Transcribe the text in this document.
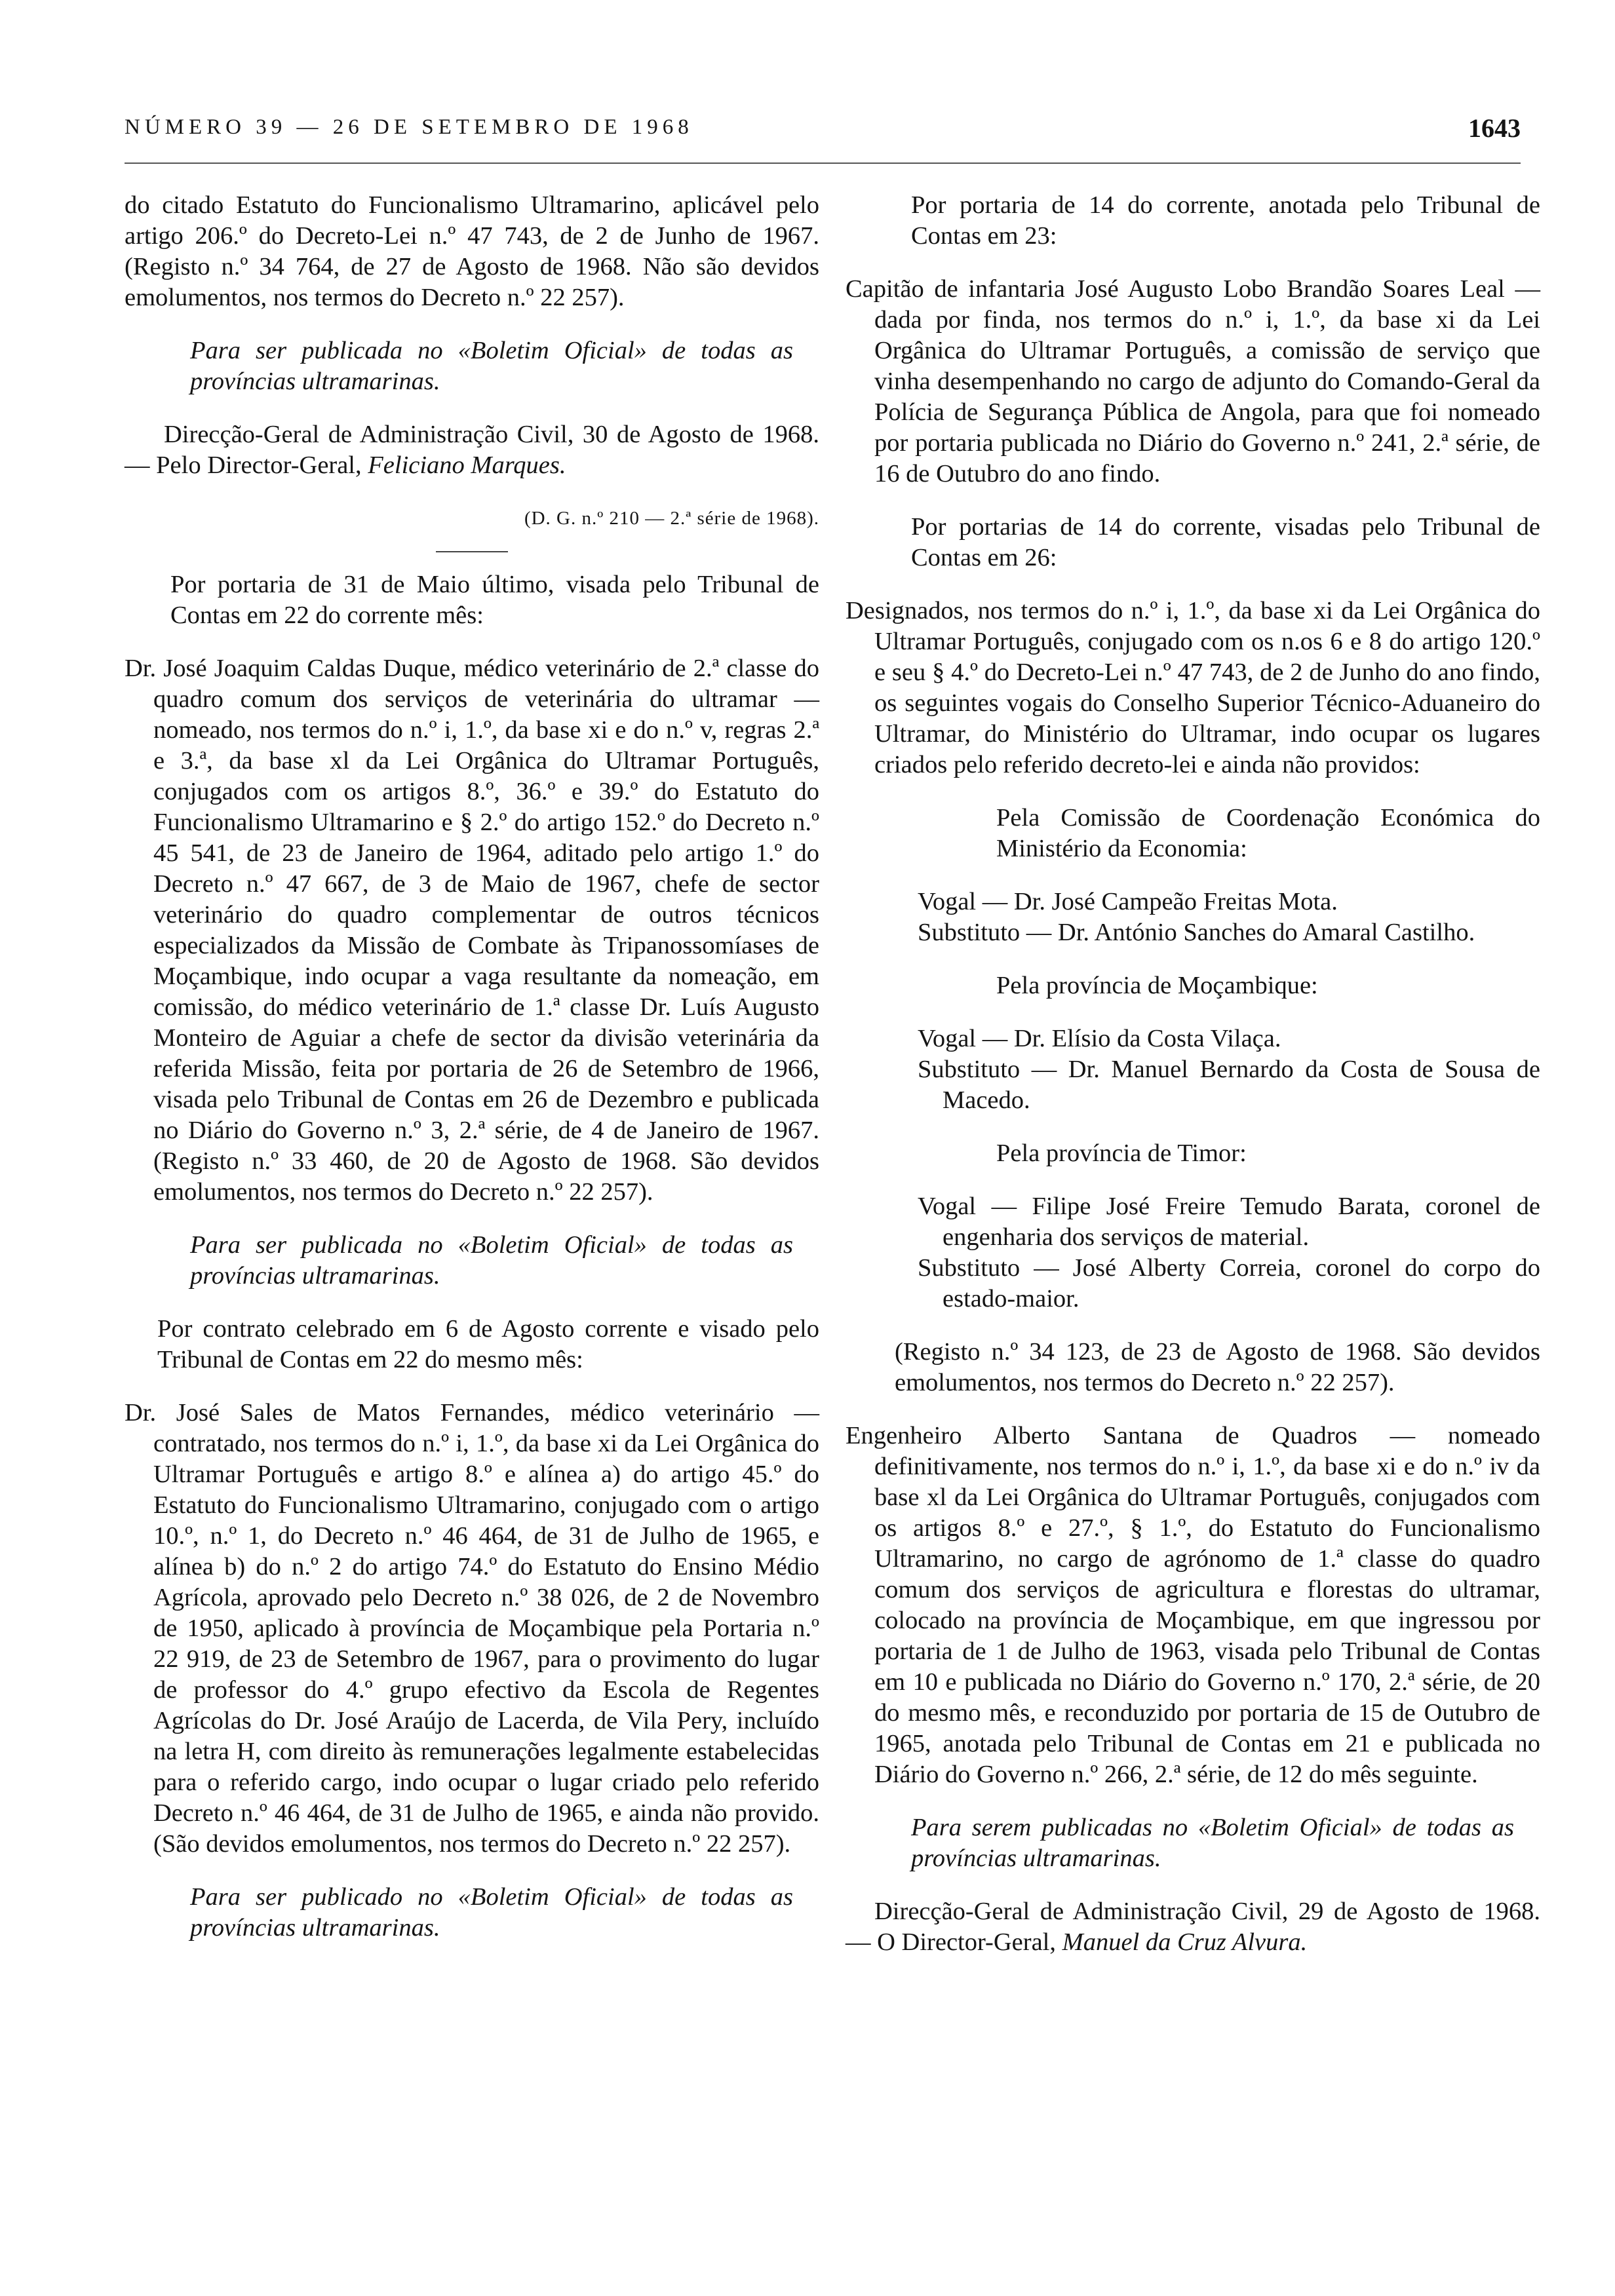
NÚMERO 39 — 26 DE SETEMBRO DE 1968	1643

do citado Estatuto do Funcionalismo Ultramarino, aplicável pelo artigo 206.º do Decreto-Lei n.º 47 743, de 2 de Junho de 1967. (Registo n.º 34 764, de 27 de Agosto de 1968. Não são devidos emolumentos, nos termos do Decreto n.º 22 257).

Para ser publicada no «Boletim Oficial» de todas as províncias ultramarinas.

Direcção-Geral de Administração Civil, 30 de Agosto de 1968. — Pelo Director-Geral, Feliciano Marques.

(D. G. n.º 210 — 2.ª série de 1968).

Por portaria de 31 de Maio último, visada pelo Tribunal de Contas em 22 do corrente mês:

Dr. José Joaquim Caldas Duque, médico veterinário de 2.ª classe do quadro comum dos serviços de veterinária do ultramar — nomeado, nos termos do n.º i, 1.º, da base xi e do n.º v, regras 2.ª e 3.ª, da base xl da Lei Orgânica do Ultramar Português, conjugados com os artigos 8.º, 36.º e 39.º do Estatuto do Funcionalismo Ultramarino e § 2.º do artigo 152.º do Decreto n.º 45 541, de 23 de Janeiro de 1964, aditado pelo artigo 1.º do Decreto n.º 47 667, de 3 de Maio de 1967, chefe de sector veterinário do quadro complementar de outros técnicos especializados da Missão de Combate às Tripanossomíases de Moçambique, indo ocupar a vaga resultante da nomeação, em comissão, do médico veterinário de 1.ª classe Dr. Luís Augusto Monteiro de Aguiar a chefe de sector da divisão veterinária da referida Missão, feita por portaria de 26 de Setembro de 1966, visada pelo Tribunal de Contas em 26 de Dezembro e publicada no Diário do Governo n.º 3, 2.ª série, de 4 de Janeiro de 1967. (Registo n.º 33 460, de 20 de Agosto de 1968. São devidos emolumentos, nos termos do Decreto n.º 22 257).

Para ser publicada no «Boletim Oficial» de todas as províncias ultramarinas.

Por contrato celebrado em 6 de Agosto corrente e visado pelo Tribunal de Contas em 22 do mesmo mês:

Dr. José Sales de Matos Fernandes, médico veterinário — contratado, nos termos do n.º i, 1.º, da base xi da Lei Orgânica do Ultramar Português e artigo 8.º e alínea a) do artigo 45.º do Estatuto do Funcionalismo Ultramarino, conjugado com o artigo 10.º, n.º 1, do Decreto n.º 46 464, de 31 de Julho de 1965, e alínea b) do n.º 2 do artigo 74.º do Estatuto do Ensino Médio Agrícola, aprovado pelo Decreto n.º 38 026, de 2 de Novembro de 1950, aplicado à província de Moçambique pela Portaria n.º 22 919, de 23 de Setembro de 1967, para o provimento do lugar de professor do 4.º grupo efectivo da Escola de Regentes Agrícolas do Dr. José Araújo de Lacerda, de Vila Pery, incluído na letra H, com direito às remunerações legalmente estabelecidas para o referido cargo, indo ocupar o lugar criado pelo referido Decreto n.º 46 464, de 31 de Julho de 1965, e ainda não provido. (São devidos emolumentos, nos termos do Decreto n.º 22 257).

Para ser publicado no «Boletim Oficial» de todas as províncias ultramarinas.

Por portaria de 14 do corrente, anotada pelo Tribunal de Contas em 23:

Capitão de infantaria José Augusto Lobo Brandão Soares Leal — dada por finda, nos termos do n.º i, 1.º, da base xi da Lei Orgânica do Ultramar Português, a comissão de serviço que vinha desempenhando no cargo de adjunto do Comando-Geral da Polícia de Segurança Pública de Angola, para que foi nomeado por portaria publicada no Diário do Governo n.º 241, 2.ª série, de 16 de Outubro do ano findo.

Por portarias de 14 do corrente, visadas pelo Tribunal de Contas em 26:

Designados, nos termos do n.º i, 1.º, da base xi da Lei Orgânica do Ultramar Português, conjugado com os n.os 6 e 8 do artigo 120.º e seu § 4.º do Decreto-Lei n.º 47 743, de 2 de Junho do ano findo, os seguintes vogais do Conselho Superior Técnico-Aduaneiro do Ultramar, do Ministério do Ultramar, indo ocupar os lugares criados pelo referido decreto-lei e ainda não providos:

Pela Comissão de Coordenação Económica do Ministério da Economia:

Vogal — Dr. José Campeão Freitas Mota.

Substituto — Dr. António Sanches do Amaral Castilho.

Pela província de Moçambique:

Vogal — Dr. Elísio da Costa Vilaça.

Substituto — Dr. Manuel Bernardo da Costa de Sousa de Macedo.

Pela província de Timor:

Vogal — Filipe José Freire Temudo Barata, coronel de engenharia dos serviços de material.

Substituto — José Alberty Correia, coronel do corpo do estado-maior.

(Registo n.º 34 123, de 23 de Agosto de 1968. São devidos emolumentos, nos termos do Decreto n.º 22 257).

Engenheiro Alberto Santana de Quadros — nomeado definitivamente, nos termos do n.º i, 1.º, da base xi e do n.º iv da base xl da Lei Orgânica do Ultramar Português, conjugados com os artigos 8.º e 27.º, § 1.º, do Estatuto do Funcionalismo Ultramarino, no cargo de agrónomo de 1.ª classe do quadro comum dos serviços de agricultura e florestas do ultramar, colocado na província de Moçambique, em que ingressou por portaria de 1 de Julho de 1963, visada pelo Tribunal de Contas em 10 e publicada no Diário do Governo n.º 170, 2.ª série, de 20 do mesmo mês, e reconduzido por portaria de 15 de Outubro de 1965, anotada pelo Tribunal de Contas em 21 e publicada no Diário do Governo n.º 266, 2.ª série, de 12 do mês seguinte.

Para serem publicadas no «Boletim Oficial» de todas as províncias ultramarinas.

Direcção-Geral de Administração Civil, 29 de Agosto de 1968. — O Director-Geral, Manuel da Cruz Alvura.
